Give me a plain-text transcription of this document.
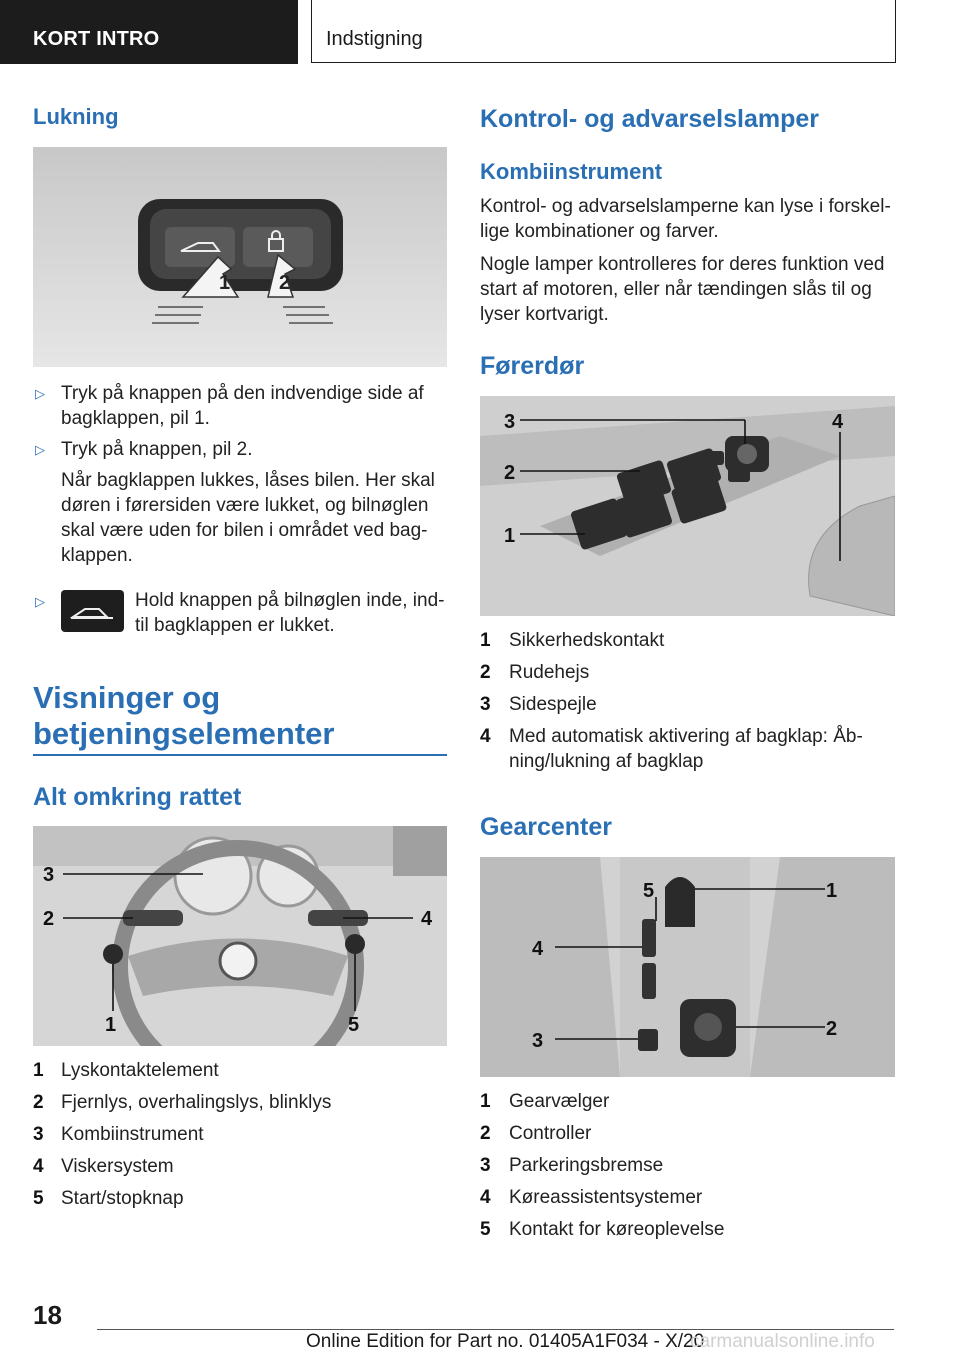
KORT INTRO	Indstigning
Lukning
1 2
▷ Tryk på knappen på den indvendige side af bagklappen, pil 1.
▷ Tryk på knappen, pil 2.
Når bagklappen lukkes, låses bilen. Her skal døren i førersiden være lukket, og bilnøglen skal være uden for bilen i området ved bag-klappen.
▷	Hold knappen på bilnøglen inde, ind-til bagklappen er lukket.
Visninger og
betjeningselementer
Alt omkring rattet
3
2	4
1	5
1 Lyskontaktelement
2 Fjernlys, overhalingslys, blinklys
3 Kombiinstrument
4 Viskersystem
5 Start/stopknap
Kontrol- og advarselslamper
Kombiinstrument
Kontrol- og advarselslamperne kan lyse i forskel-lige kombinationer og farver.
Nogle lamper kontrolleres for deres funktion ved start af motoren, eller når tændingen slås til og lyser kortvarigt.
Førerdør
3
2
1
4
1 Sikkerhedskontakt
2 Rudehejs
3 Sidespejle
4 Med automatisk aktivering af bagklap: Åb-ning/lukning af bagklap
Gearcenter
5	1
4
2
3
1 Gearvælger
2 Controller
3 Parkeringsbremse
4 Køreassistentsystemer
5 Kontakt for køreoplevelse
18
Online Edition for Part no. 01405A1F034 - X/20
carmanualsonline.info
